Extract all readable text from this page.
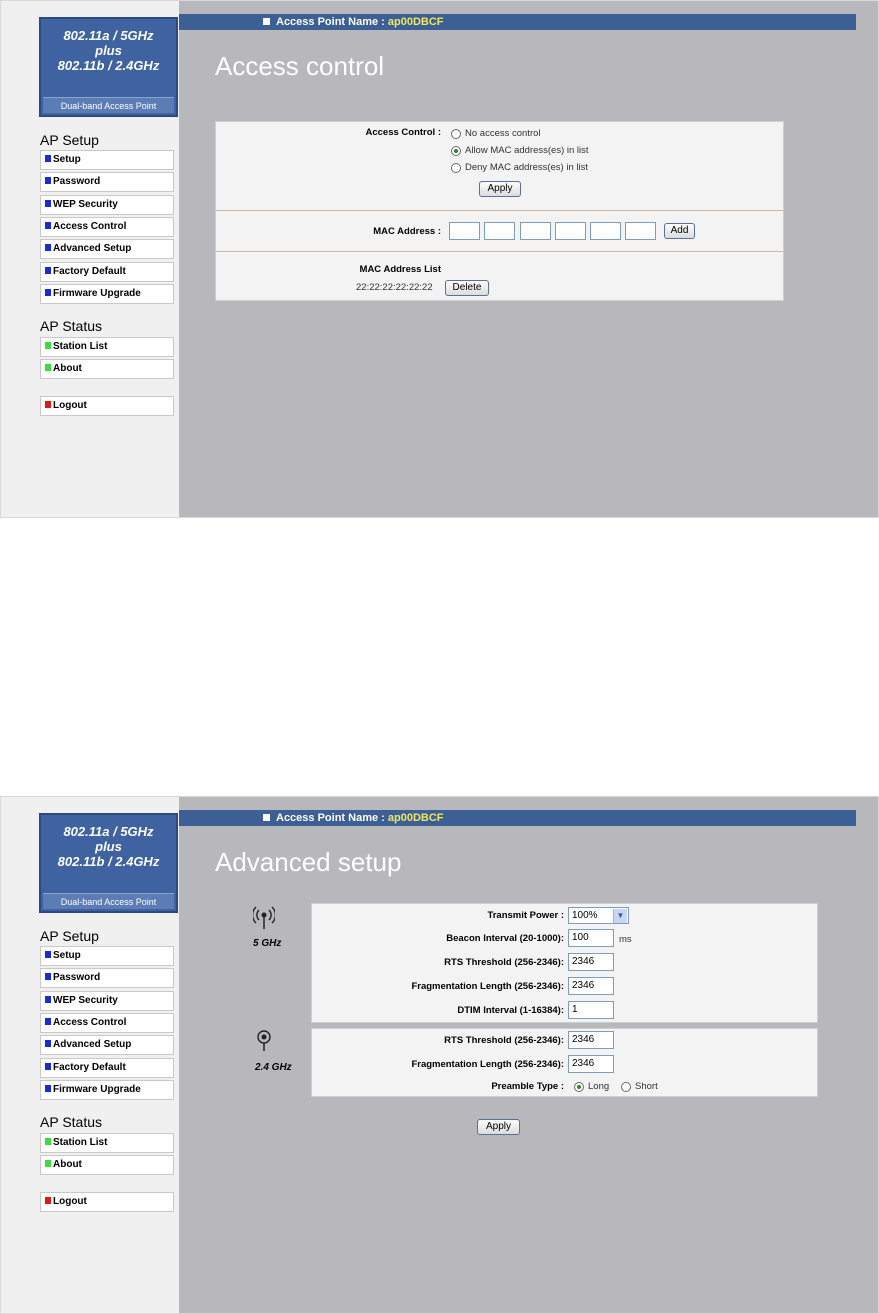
802.11a / 5GHz
plus
802.11b / 2.4GHz
Dual-band Access Point
AP Setup
Setup
Password
WEP Security
Access Control
Advanced Setup
Factory Default
Firmware Upgrade
AP Status
Station List
About
Logout
Access Point Name : ap00DBCF
Access control
Access Control :	No access control
Allow MAC address(es) in list
Deny MAC address(es) in list
Apply
MAC Address :	Add
MAC Address List
22:22:22:22:22:22	Delete
802.11a / 5GHz
plus
802.11b / 2.4GHz
Dual-band Access Point
AP Setup
Setup
Password
WEP Security
Access Control
Advanced Setup
Factory Default
Firmware Upgrade
AP Status
Station List
About
Logout
Access Point Name : ap00DBCF
Advanced setup
5 GHz
Transmit Power : 100%	▼
Beacon Interval (20-1000): 100	ms
RTS Threshold (256-2346): 2346
Fragmentation Length (256-2346): 2346
DTIM Interval (1-16384): 1
2.4 GHz
RTS Threshold (256-2346): 2346
Fragmentation Length (256-2346): 2346
Preamble Type :	Long	Short
Apply
